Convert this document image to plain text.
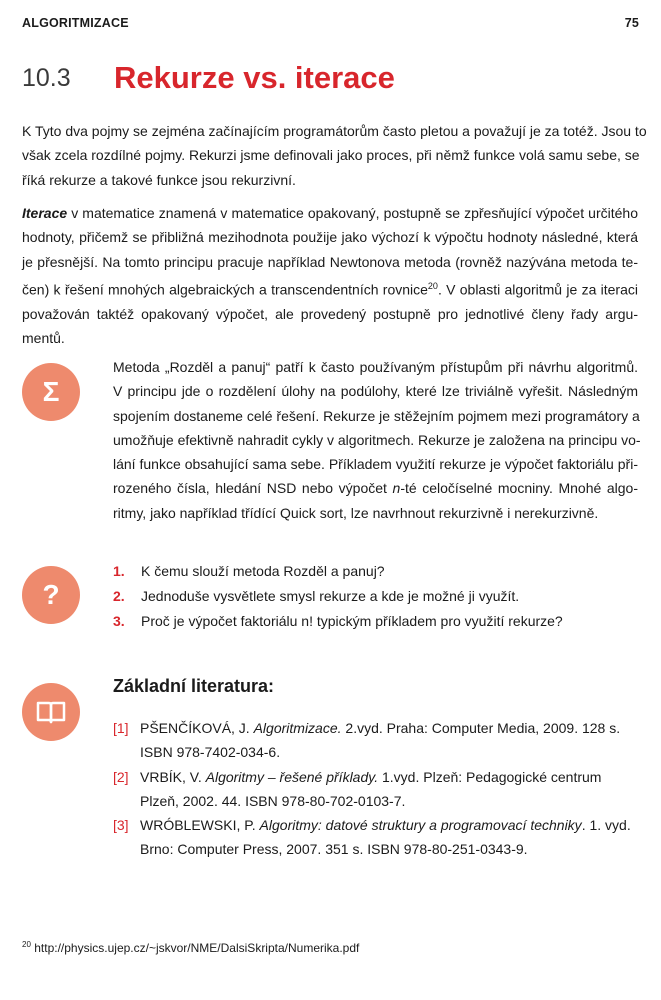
ALGORITMIZACE	75
10.3	Rekurze vs. iterace

K Tyto dva pojmy se zejména začínajícím programátorům často pletou a považují je za totéž. Jsou to
však zcela rozdílné pojmy. Rekurzi jsme definovali jako proces, při němž funkce volá samu sebe, se
říká rekurze a takové funkce jsou rekurzivní.

Iterace v matematice znamená v matematice opakovaný, postupně se zpřesňující výpočet určitého
hodnoty, přičemž se přibližná mezihodnota použije jako výchozí k výpočtu hodnoty následné, která
je přesnější. Na tomto principu pracuje například Newtonova metoda (rovněž nazývána metoda te-
čen) k řešení mnohých algebraických a transcendentních rovnice$^{20}$. V oblasti algoritmů je za iteraci
považován taktéž opakovaný výpočet, ale provedený postupně pro jednotlivé členy řady argu-
mentů.

Σ

Metoda „Rozděl a panuj“ patří k často používaným přístupům při návrhu algoritmů.
V principu jde o rozdělení úlohy na podúlohy, které lze triviálně vyřešit. Následným
spojením dostaneme celé řešení. Rekurze je stěžejním pojmem mezi programátory a
umožňuje efektivně nahradit cykly v algoritmech. Rekurze je založena na principu vo-
lání funkce obsahující sama sebe. Příkladem využití rekurze je výpočet faktoriálu při-
rozeného čísla, hledání NSD nebo výpočet n-té celočíselné mocniny. Mnohé algo-
ritmy, jako například třídící Quick sort, lze navrhnout rekurzivně i nerekurzivně.

?
1.	K čemu slouží metoda Rozděl a panuj?
2.	Jednoduše vysvětlete smysl rekurze a kde je možné ji využít.
3.	Proč je výpočet faktoriálu n! typickým příkladem pro využití rekurze?
Základní literatura:
[1] PŠENČÍKOVÁ, J. Algoritmizace. 2.vyd. Praha: Computer Media, 2009. 128 s. ISBN 978-7402-034-6.
[2] VRBÍK, V. Algoritmy – řešené příklady. 1.vyd. Plzeň: Pedagogické centrum Plzeň, 2002. 44. ISBN 978-80-702-0103-7.
[3] WRÓBLEWSKI, P. Algoritmy: datové struktury a programovací techniky. 1. vyd. Brno: Computer Press, 2007. 351 s. ISBN 978-80-251-0343-9.
$^{20}$ http://physics.ujep.cz/~jskvor/NME/DalsiSkripta/Numerika.pdf
